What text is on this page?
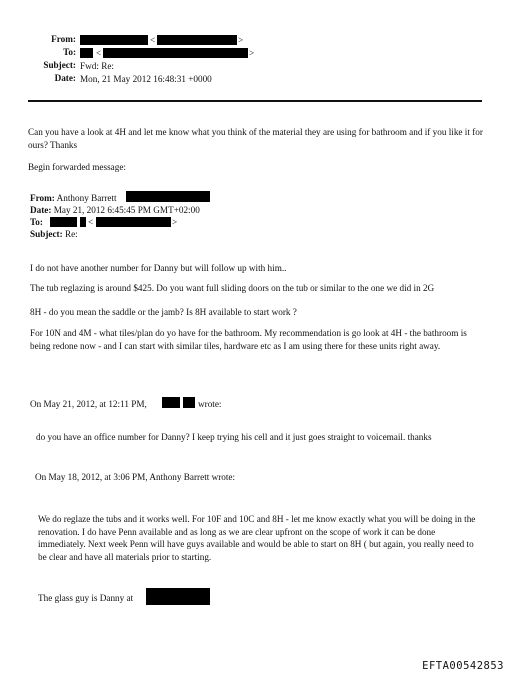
From:	<	>
To: <	>
Subject: Fwd: Re:
Date: Mon, 21 May 2012 16:48:31 +0000
Can you have a look at 4H and let me know what you think of the material they are using for bathroom and if you like it for ours? Thanks
Begin forwarded message:
From: Anthony Barrett
Date: May 21, 2012 6:45:45 PM GMT+02:00
To:	<	>
Subject: Re:
I do not have another number for Danny but will follow up with him..
The tub reglazing is around $425. Do you want full sliding doors on the tub or similar to the one we did in 2G
8H - do you mean the saddle or the jamb? Is 8H available to start work ?
For 10N and 4M - what tiles/plan do yo have for the bathroom. My recommendation is go look at 4H - the bathroom is being redone now - and I can start with similar tiles, hardware etc as I am using there for these units right away.
On May 21, 2012, at 12:11 PM,	wrote:
do you have an office number for Danny? I keep trying his cell and it just goes straight to voicemail. thanks
On May 18, 2012, at 3:06 PM, Anthony Barrett wrote:
We do reglaze the tubs and it works well. For 10F and 10C and 8H - let me know exactly what you will be doing in the renovation. I do have Penn available and as long as we are clear upfront on the scope of work it can be done immediately. Next week Penn will have guys available and would be able to start on 8H ( but again, you really need to be clear and have all materials prior to starting.
The glass guy is Danny at
EFTA00542853
